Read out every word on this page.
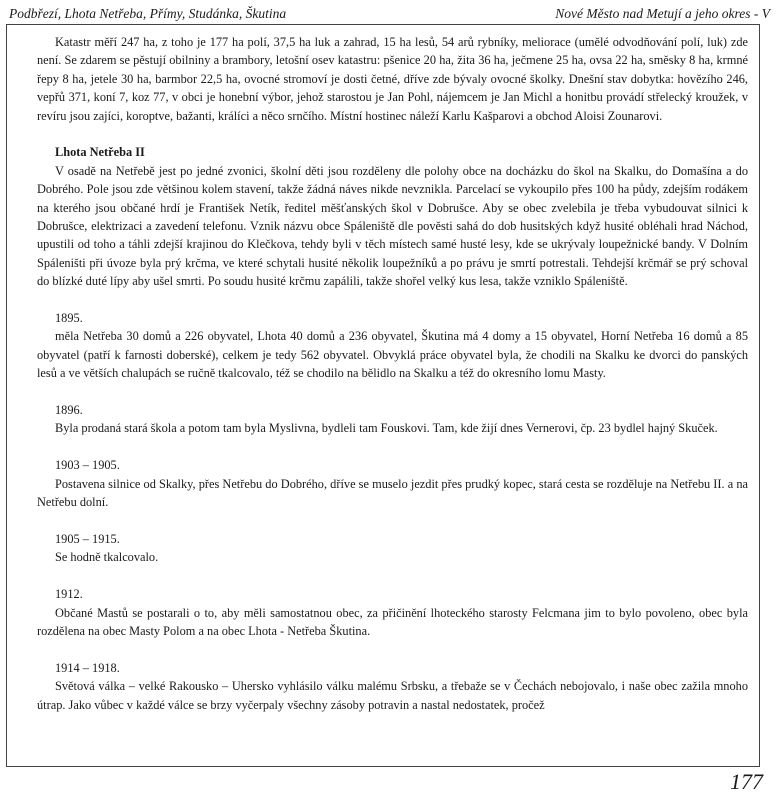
Podbřezí, Lhota Netřeba, Přímy, Studánka, Škutina	Nové Město nad Metují a jeho okres - V

Katastr měří 247 ha, z toho je 177 ha polí, 37,5 ha luk a zahrad, 15 ha lesů, 54 arů rybníky, meliorace (umělé odvodňování polí, luk) zde není. Se zdarem se pěstují obilniny a brambory, letošní osev katastru: pšenice 20 ha, žita 36 ha, ječmene 25 ha, ovsa 22 ha, směsky 8 ha, krmné řepy 8 ha, jetele 30 ha, barmbor 22,5 ha, ovocné stromoví je dosti četné, dříve zde bývaly ovocné školky. Dnešní stav dobytka: hovězího 246, vepřů 371, koní 7, koz 77, v obci je honební výbor, jehož starostou je Jan Pohl, nájemcem je Jan Michl a honitbu provádí střelecký kroužek, v revíru jsou zajíci, koroptve, bažanti, králíci a něco srnčího. Místní hostinec náleží Karlu Kašparovi a obchod Aloisi Zounarovi.

Lhota Netřeba II

V osadě na Netřebě jest po jedné zvonici, školní děti jsou rozděleny dle polohy obce na docházku do škol na Skalku, do Domašína a do Dobrého. Pole jsou zde většinou kolem stavení, takže žádná náves nikde nevznikla. Parcelací se vykoupilo přes 100 ha půdy, zdejším rodákem na kterého jsou občané hrdí je František Netík, ředitel měšťanských škol v Dobrušce. Aby se obec zvelebila je třeba vybudouvat silnici k Dobrušce, elektrizaci a zavedení telefonu. Vznik názvu obce Spáleniště dle pověsti sahá do dob husitských když husité obléhali hrad Náchod, upustili od toho a táhli zdejší krajinou do Klečkova, tehdy byli v těch místech samé husté lesy, kde se ukrývaly loupežnické bandy. V Dolním Spáleništi při úvoze byla prý krčma, ve které schytali husité několik loupežníků a po právu je smrtí potrestali. Tehdejší krčmář se prý schoval do blízké duté lípy aby ušel smrti. Po soudu husité krčmu zapálili, takže shořel velký kus lesa, takže vzniklo Spáleniště.

1895.

měla Netřeba 30 domů a 226 obyvatel, Lhota 40 domů a 236 obyvatel, Škutina má 4 domy a 15 obyvatel, Horní Netřeba 16 domů a 85 obyvatel (patří k farnosti doberské), celkem je tedy 562 obyvatel. Obvyklá práce obyvatel byla, že chodili na Skalku ke dvorci do panských lesů a ve větších chalupách se ručně tkalcovalo, též se chodilo na bělidlo na Skalku a též do okresního lomu Masty.

1896.

Byla prodaná stará škola a potom tam byla Myslivna, bydleli tam Fouskovi. Tam, kde žijí dnes Vernerovi, čp. 23 bydlel hajný Skuček.

1903 – 1905.

Postavena silnice od Skalky, přes Netřebu do Dobrého, dříve se muselo jezdit přes prudký kopec, stará cesta se rozděluje na Netřebu II. a na Netřebu dolní.

1905 – 1915.

Se hodně tkalcovalo.

1912.

Občané Mastů se postarali o to, aby měli samostatnou obec, za přičinění lhoteckého starosty Felcmana jim to bylo povoleno, obec byla rozdělena na obec Masty Polom a na obec Lhota - Netřeba Škutina.

1914 – 1918.

Světová válka – velké Rakousko – Uhersko vyhlásilo válku malému Srbsku, a třebaže se v Čechách nebojovalo, i naše obec zažila mnoho útrap. Jako vůbec v každé válce se brzy vyčerpaly všechny zásoby potravin a nastal nedostatek, pročež

177
